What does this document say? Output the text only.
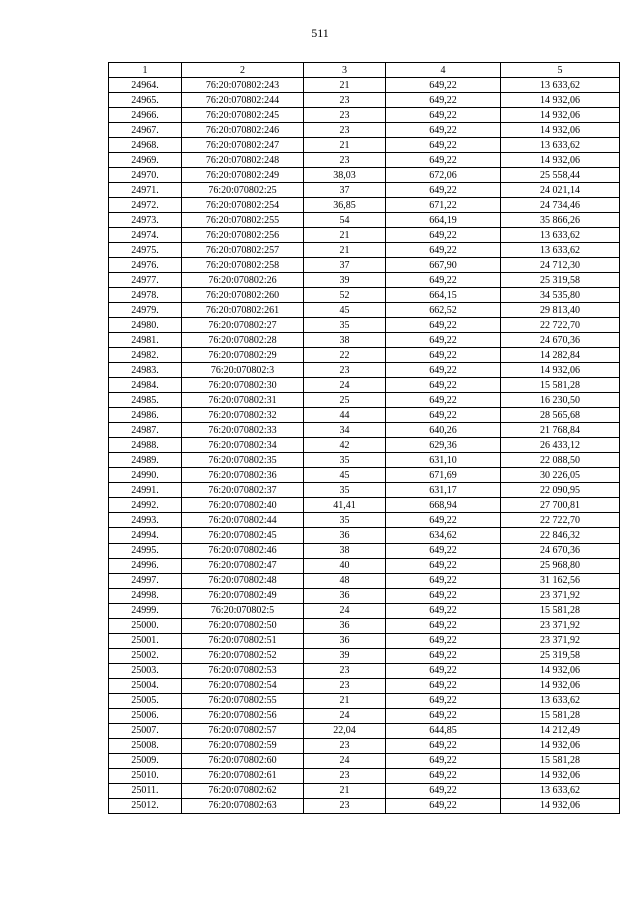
511
1	2	3	4	5
24964.	76:20:070802:243	21	649,22	13 633,62
24965.	76:20:070802:244	23	649,22	14 932,06
24966.	76:20:070802:245	23	649,22	14 932,06
24967.	76:20:070802:246	23	649,22	14 932,06
24968.	76:20:070802:247	21	649,22	13 633,62
24969.	76:20:070802:248	23	649,22	14 932,06
24970.	76:20:070802:249	38,03	672,06	25 558,44
24971.	76:20:070802:25	37	649,22	24 021,14
24972.	76:20:070802:254	36,85	671,22	24 734,46
24973.	76:20:070802:255	54	664,19	35 866,26
24974.	76:20:070802:256	21	649,22	13 633,62
24975.	76:20:070802:257	21	649,22	13 633,62
24976.	76:20:070802:258	37	667,90	24 712,30
24977.	76:20:070802:26	39	649,22	25 319,58
24978.	76:20:070802:260	52	664,15	34 535,80
24979.	76:20:070802:261	45	662,52	29 813,40
24980.	76:20:070802:27	35	649,22	22 722,70
24981.	76:20:070802:28	38	649,22	24 670,36
24982.	76:20:070802:29	22	649,22	14 282,84
24983.	76:20:070802:3	23	649,22	14 932,06
24984.	76:20:070802:30	24	649,22	15 581,28
24985.	76:20:070802:31	25	649,22	16 230,50
24986.	76:20:070802:32	44	649,22	28 565,68
24987.	76:20:070802:33	34	640,26	21 768,84
24988.	76:20:070802:34	42	629,36	26 433,12
24989.	76:20:070802:35	35	631,10	22 088,50
24990.	76:20:070802:36	45	671,69	30 226,05
24991.	76:20:070802:37	35	631,17	22 090,95
24992.	76:20:070802:40	41,41	668,94	27 700,81
24993.	76:20:070802:44	35	649,22	22 722,70
24994.	76:20:070802:45	36	634,62	22 846,32
24995.	76:20:070802:46	38	649,22	24 670,36
24996.	76:20:070802:47	40	649,22	25 968,80
24997.	76:20:070802:48	48	649,22	31 162,56
24998.	76:20:070802:49	36	649,22	23 371,92
24999.	76:20:070802:5	24	649,22	15 581,28
25000.	76:20:070802:50	36	649,22	23 371,92
25001.	76:20:070802:51	36	649,22	23 371,92
25002.	76:20:070802:52	39	649,22	25 319,58
25003.	76:20:070802:53	23	649,22	14 932,06
25004.	76:20:070802:54	23	649,22	14 932,06
25005.	76:20:070802:55	21	649,22	13 633,62
25006.	76:20:070802:56	24	649,22	15 581,28
25007.	76:20:070802:57	22,04	644,85	14 212,49
25008.	76:20:070802:59	23	649,22	14 932,06
25009.	76:20:070802:60	24	649,22	15 581,28
25010.	76:20:070802:61	23	649,22	14 932,06
25011.	76:20:070802:62	21	649,22	13 633,62
25012.	76:20:070802:63	23	649,22	14 932,06
